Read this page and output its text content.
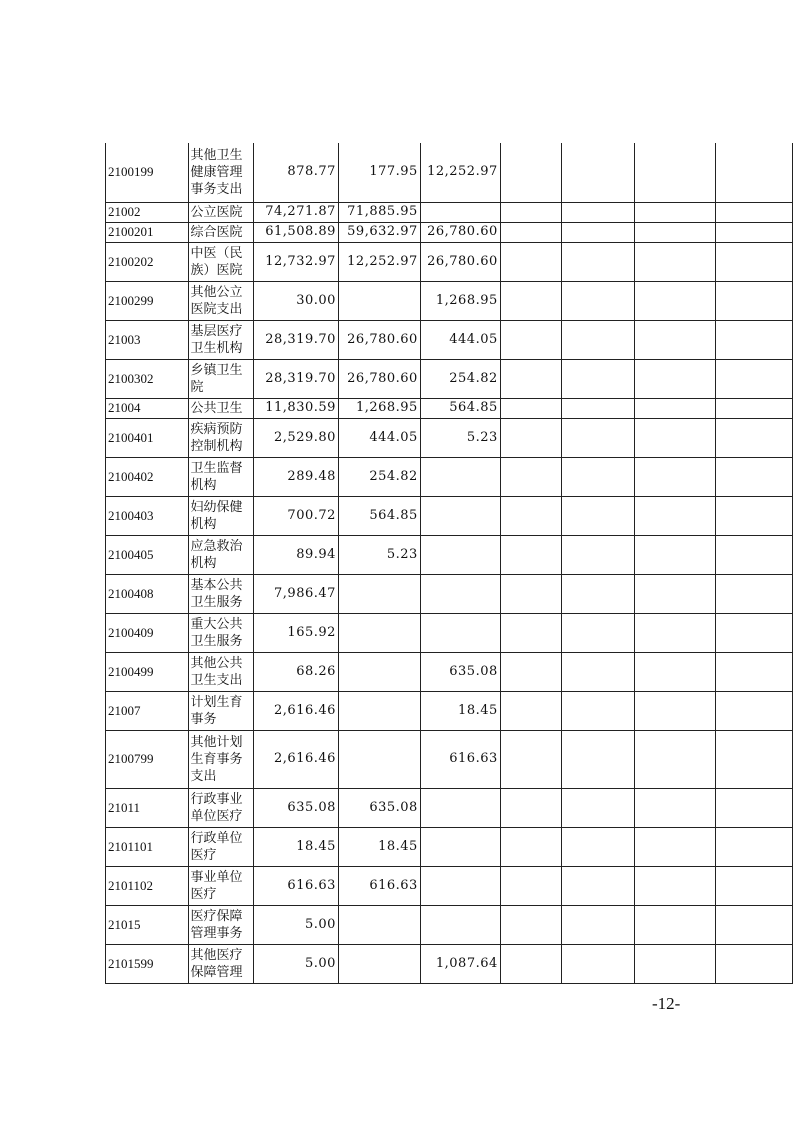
2100199	其他卫生健康管理事务支出	878.77	177.95	12,252.97				
21002	公立医院	74,271.87	71,885.95					
2100201	综合医院	61,508.89	59,632.97	26,780.60				
2100202	中医（民族）医院	12,732.97	12,252.97	26,780.60				
2100299	其他公立医院支出	30.00		1,268.95				
21003	基层医疗卫生机构	28,319.70	26,780.60	444.05				
2100302	乡镇卫生院	28,319.70	26,780.60	254.82				
21004	公共卫生	11,830.59	1,268.95	564.85				
2100401	疾病预防控制机构	2,529.80	444.05	5.23				
2100402	卫生监督机构	289.48	254.82					
2100403	妇幼保健机构	700.72	564.85					
2100405	应急救治机构	89.94	5.23					
2100408	基本公共卫生服务	7,986.47						
2100409	重大公共卫生服务	165.92						
2100499	其他公共卫生支出	68.26		635.08				
21007	计划生育事务	2,616.46		18.45				
2100799	其他计划生育事务支出	2,616.46		616.63				
21011	行政事业单位医疗	635.08	635.08					
2101101	行政单位医疗	18.45	18.45					
2101102	事业单位医疗	616.63	616.63					
21015	医疗保障管理事务	5.00						
2101599	其他医疗保障管理	5.00		1,087.64				
-12-
